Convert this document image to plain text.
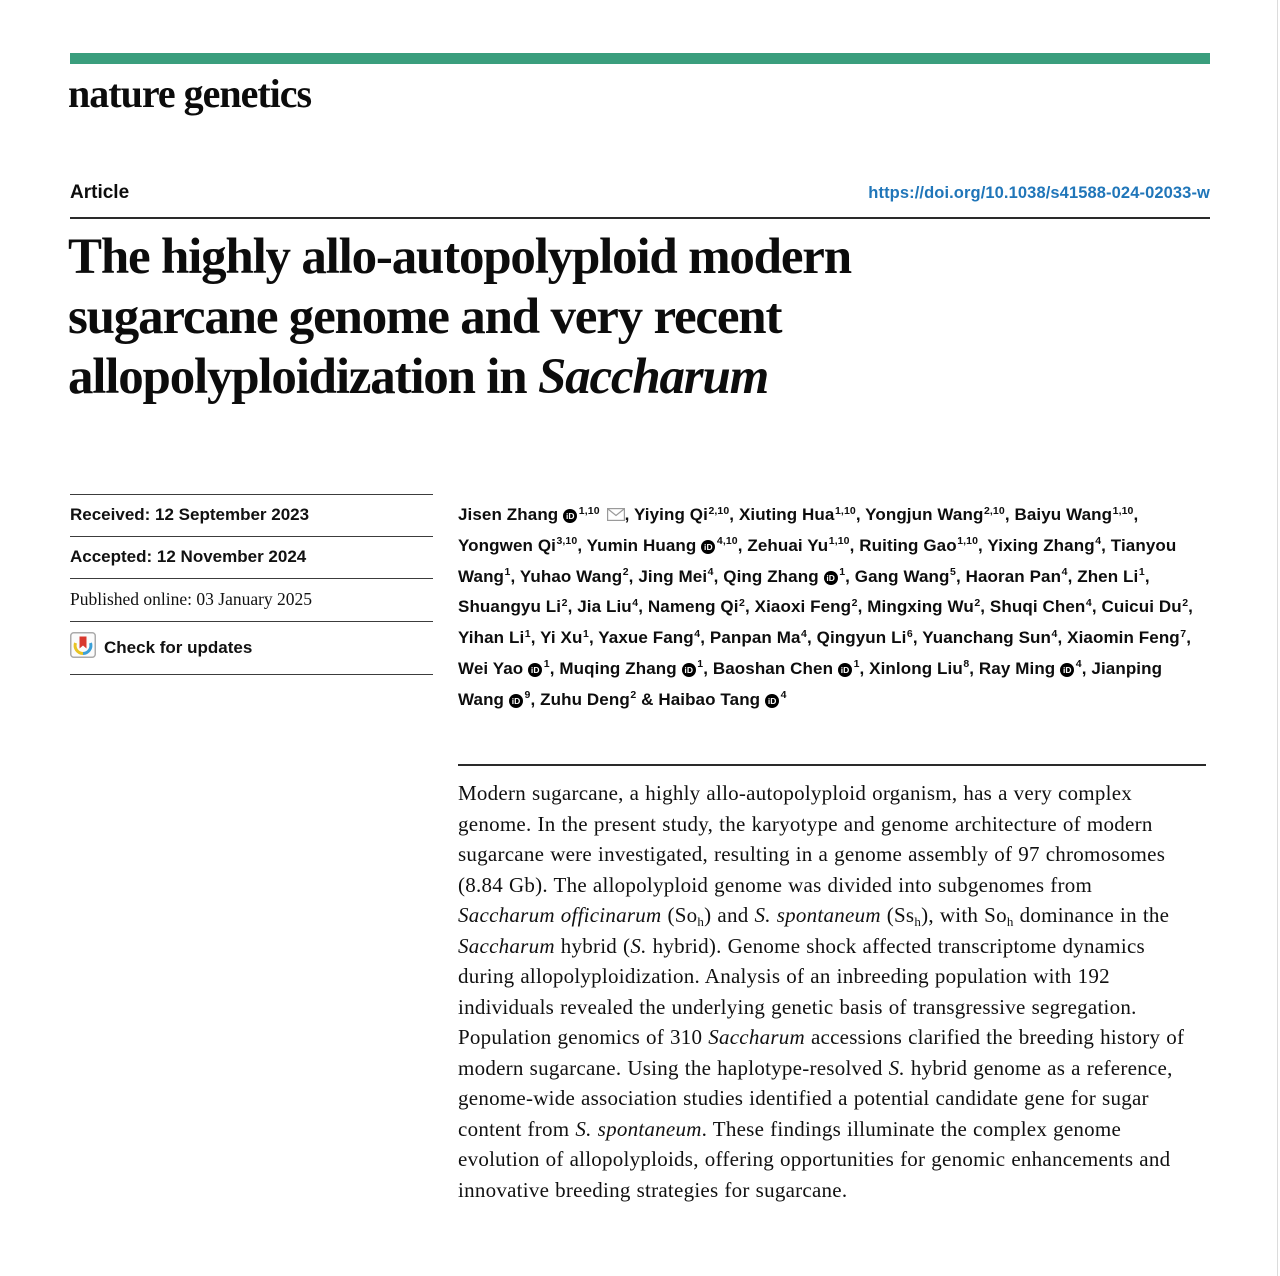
nature genetics
Article	https://doi.org/10.1038/s41588-024-02033-w
The highly allo-autopolyploid modern
sugarcane genome and very recent
allopolyploidization in Saccharum
Received: 12 September 2023
Accepted: 12 November 2024
Published online: 03 January 2025
Check for updates

Jisen Zhang iD $^{1,10}$ , Yiying Qi$^{2,10}$, Xiuting Hua$^{1,10}$, Yongjun Wang$^{2,10}$, Baiyu Wang$^{1,10}$, Yongwen Qi$^{3,10}$, Yumin Huang iD $^{4,10}$, Zehuai Yu$^{1,10}$, Ruiting Gao$^{1,10}$, Yixing Zhang$^4$, Tianyou Wang$^1$, Yuhao Wang$^2$, Jing Mei$^4$, Qing Zhang iD $^1$, Gang Wang$^5$, Haoran Pan$^4$, Zhen Li$^1$, Shuangyu Li$^2$, Jia Liu$^4$, Nameng Qi$^2$, Xiaoxi Feng$^2$, Mingxing Wu$^2$, Shuqi Chen$^4$, Cuicui Du$^2$, Yihan Li$^1$, Yi Xu$^1$, Yaxue Fang$^4$, Panpan Ma$^4$, Qingyun Li$^6$, Yuanchang Sun$^4$, Xiaomin Feng$^7$, Wei Yao iD $^1$, Muqing Zhang iD $^1$, Baoshan Chen iD $^1$, Xinlong Liu$^8$, Ray Ming iD $^4$, Jianping Wang iD $^9$, Zuhu Deng$^2$ & Haibao Tang iD $^4$

Modern sugarcane, a highly allo-autopolyploid organism, has a very complex genome. In the present study, the karyotype and genome architecture of modern sugarcane were investigated, resulting in a genome assembly of 97 chromosomes (8.84 Gb). The allopolyploid genome was divided into subgenomes from Saccharum officinarum $(So_h)$ and S. spontaneum $(Ss_h)$, with $So_h$ dominance in the Saccharum hybrid (S. hybrid). Genome shock affected transcriptome dynamics during allopolyploidization. Analysis of an inbreeding population with 192 individuals revealed the underlying genetic basis of transgressive segregation. Population genomics of 310 Saccharum accessions clarified the breeding history of modern sugarcane. Using the haplotype-resolved S. hybrid genome as a reference, genome-wide association studies identified a potential candidate gene for sugar content from S. spontaneum. These findings illuminate the complex genome evolution of allopolyploids, offering opportunities for genomic enhancements and innovative breeding strategies for sugarcane.
